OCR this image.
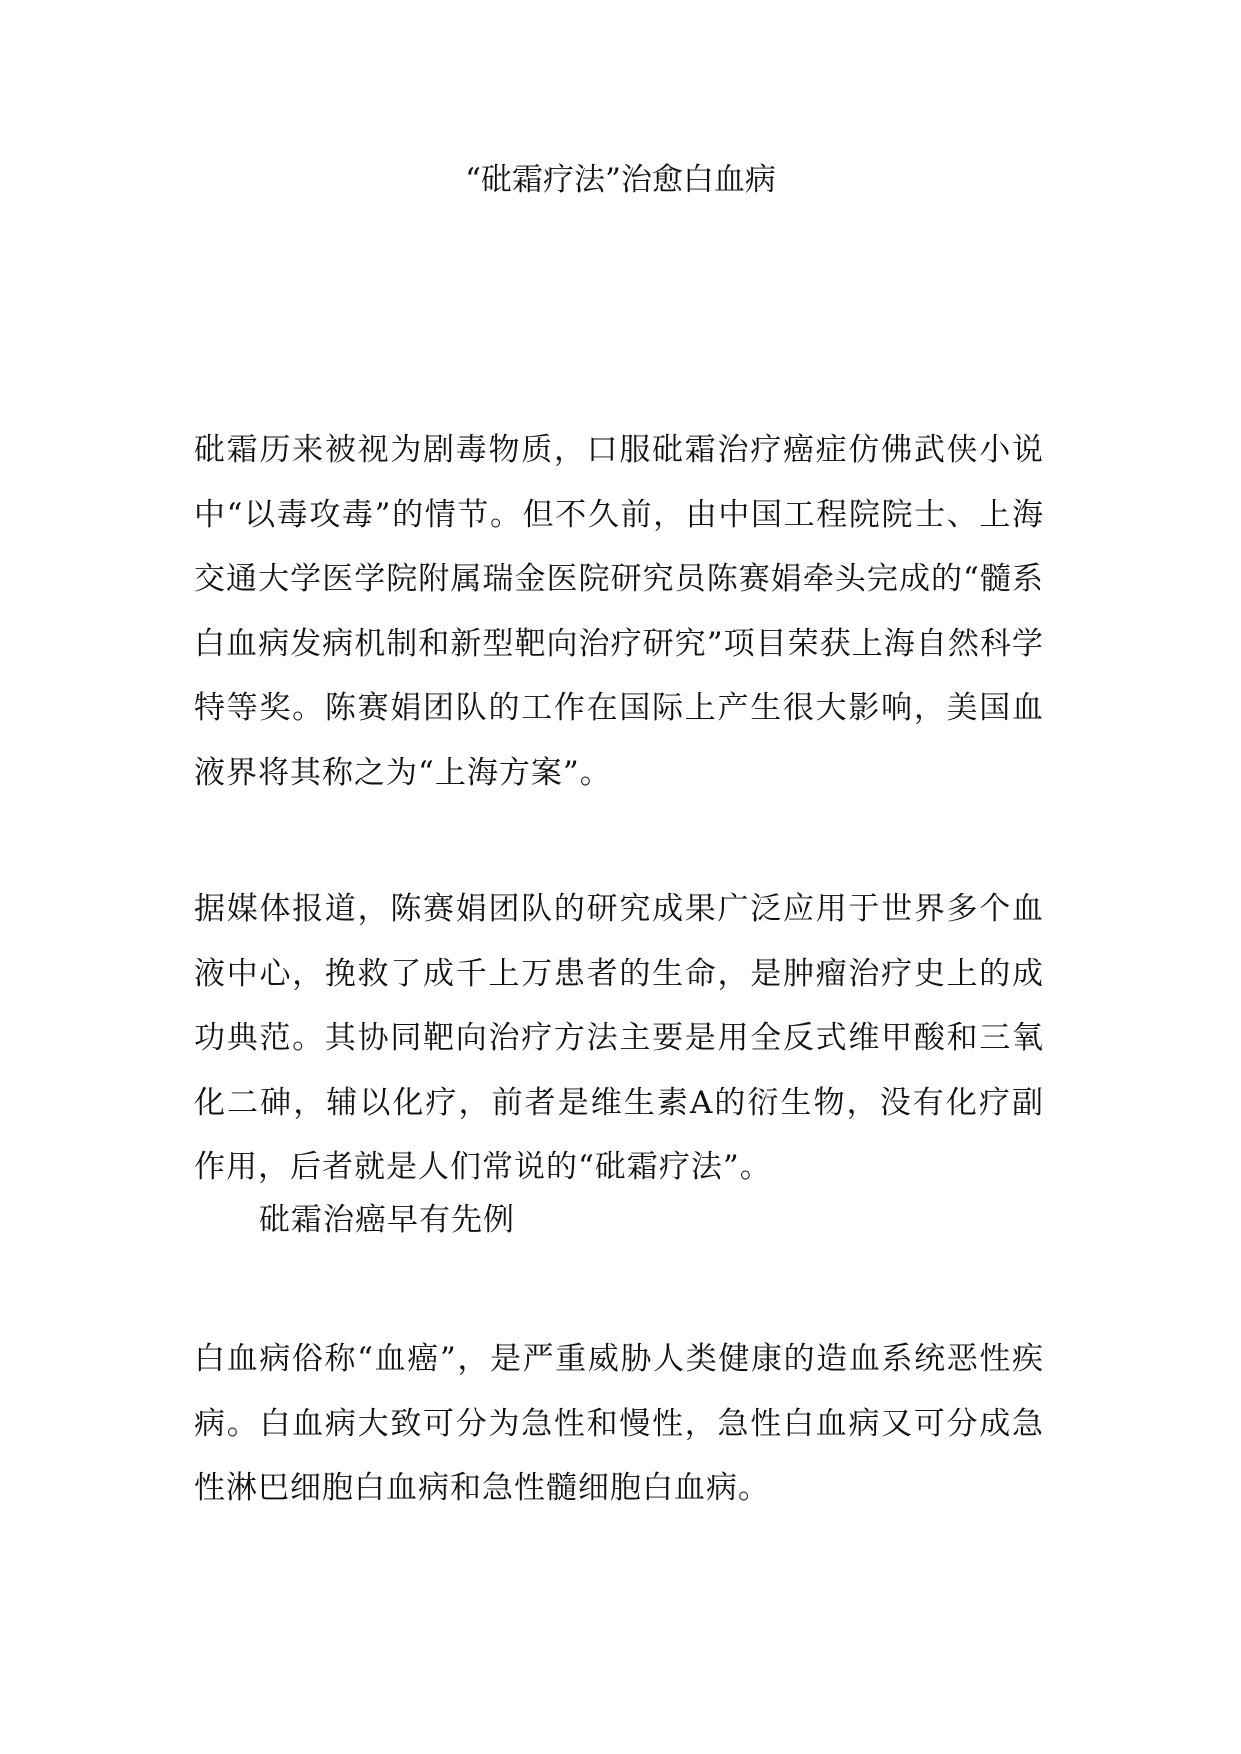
“砒霜疗法”治愈白血病

砒霜历来被视为剧毒物质，口服砒霜治疗癌症仿佛武侠小说中“以毒攻毒”的情节。但不久前，由中国工程院院士、上海交通大学医学院附属瑞金医院研究员陈赛娟牵头完成的“髓系白血病发病机制和新型靶向治疗研究”项目荣获上海自然科学特等奖。陈赛娟团队的工作在国际上产生很大影响，美国血液界将其称之为“上海方案”。

据媒体报道，陈赛娟团队的研究成果广泛应用于世界多个血液中心，挽救了成千上万患者的生命，是肿瘤治疗史上的成功典范。其协同靶向治疗方法主要是用全反式维甲酸和三氧化二砷，辅以化疗，前者是维生素A的衍生物，没有化疗副作用，后者就是人们常说的“砒霜疗法”。

砒霜治癌早有先例

白血病俗称“血癌”，是严重威胁人类健康的造血系统恶性疾病。白血病大致可分为急性和慢性，急性白血病又可分成急性淋巴细胞白血病和急性髓细胞白血病。
